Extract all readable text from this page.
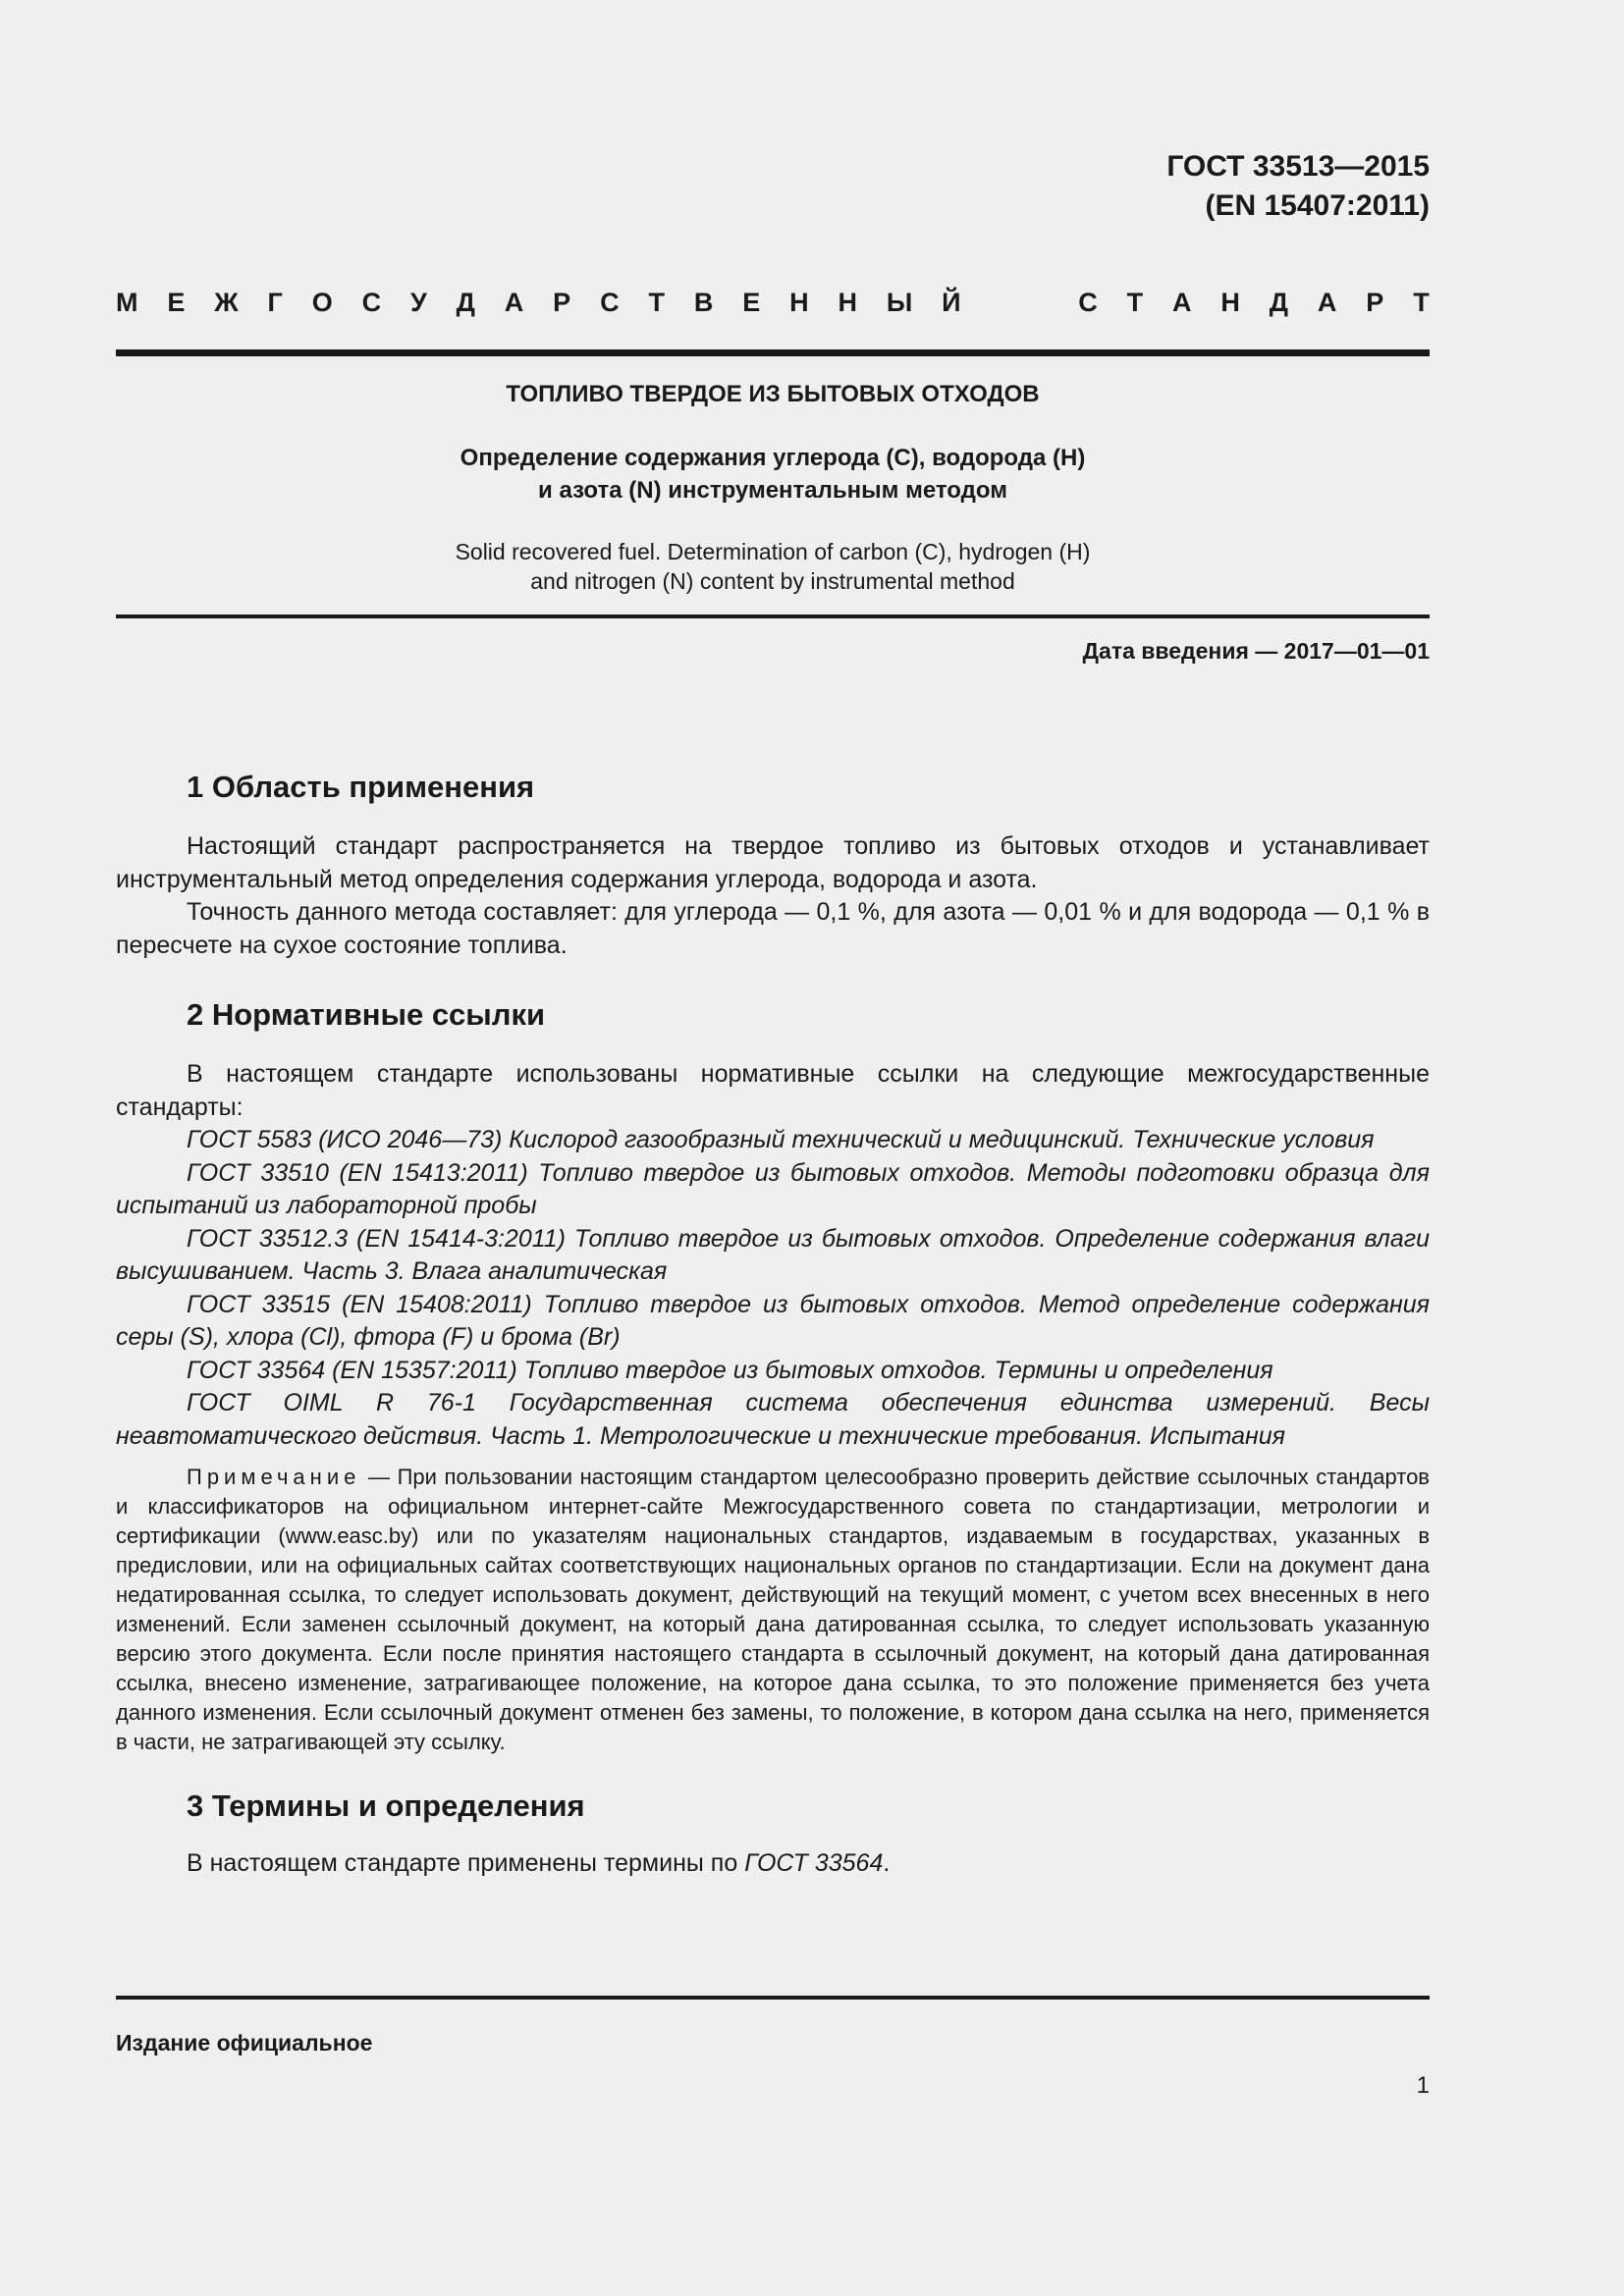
ГОСТ 33513—2015
(EN 15407:2011)
М Е Ж Г О С У Д А Р С Т В Е Н Н Ы Й	С Т А Н Д А Р Т
ТОПЛИВО ТВЕРДОЕ ИЗ БЫТОВЫХ ОТХОДОВ
Определение содержания углерода (С), водорода (Н)
и азота (N) инструментальным методом
Solid recovered fuel. Determination of carbon (C), hydrogen (H)
and nitrogen (N) content by instrumental method
Дата введения — 2017—01—01
1 Область применения

Настоящий стандарт распространяется на твердое топливо из бытовых отходов и устанавливает инструментальный метод определения содержания углерода, водорода и азота.

Точность данного метода составляет: для углерода — 0,1 %, для азота — 0,01 % и для водорода — 0,1 % в пересчете на сухое состояние топлива.

2 Нормативные ссылки

В настоящем стандарте использованы нормативные ссылки на следующие межгосударственные стандарты:

ГОСТ 5583 (ИСО 2046—73) Кислород газообразный технический и медицинский. Технические условия

ГОСТ 33510 (EN 15413:2011) Топливо твердое из бытовых отходов. Методы подготовки образца для испытаний из лабораторной пробы

ГОСТ 33512.3 (EN 15414-3:2011) Топливо твердое из бытовых отходов. Определение содержания влаги высушиванием. Часть 3. Влага аналитическая

ГОСТ 33515 (EN 15408:2011) Топливо твердое из бытовых отходов. Метод определение содержания серы (S), хлора (Cl), фтора (F) и брома (Br)

ГОСТ 33564 (EN 15357:2011) Топливо твердое из бытовых отходов. Термины и определения

ГОСТ OIML R 76-1 Государственная система обеспечения единства измерений. Весы неавтоматического действия. Часть 1. Метрологические и технические требования. Испытания

Примечание — При пользовании настоящим стандартом целесообразно проверить действие ссылочных стандартов и классификаторов на официальном интернет-сайте Межгосударственного совета по стандартизации, метрологии и сертификации (www.easc.by) или по указателям национальных стандартов, издаваемым в государствах, указанных в предисловии, или на официальных сайтах соответствующих национальных органов по стандартизации. Если на документ дана недатированная ссылка, то следует использовать документ, действующий на текущий момент, с учетом всех внесенных в него изменений. Если заменен ссылочный документ, на который дана датированная ссылка, то следует использовать указанную версию этого документа. Если после принятия настоящего стандарта в ссылочный документ, на который дана датированная ссылка, внесено изменение, затрагивающее положение, на которое дана ссылка, то это положение применяется без учета данного изменения. Если ссылочный документ отменен без замены, то положение, в котором дана ссылка на него, применяется в части, не затрагивающей эту ссылку.
3 Термины и определения

В настоящем стандарте применены термины по ГОСТ 33564.

Издание официальное
1
